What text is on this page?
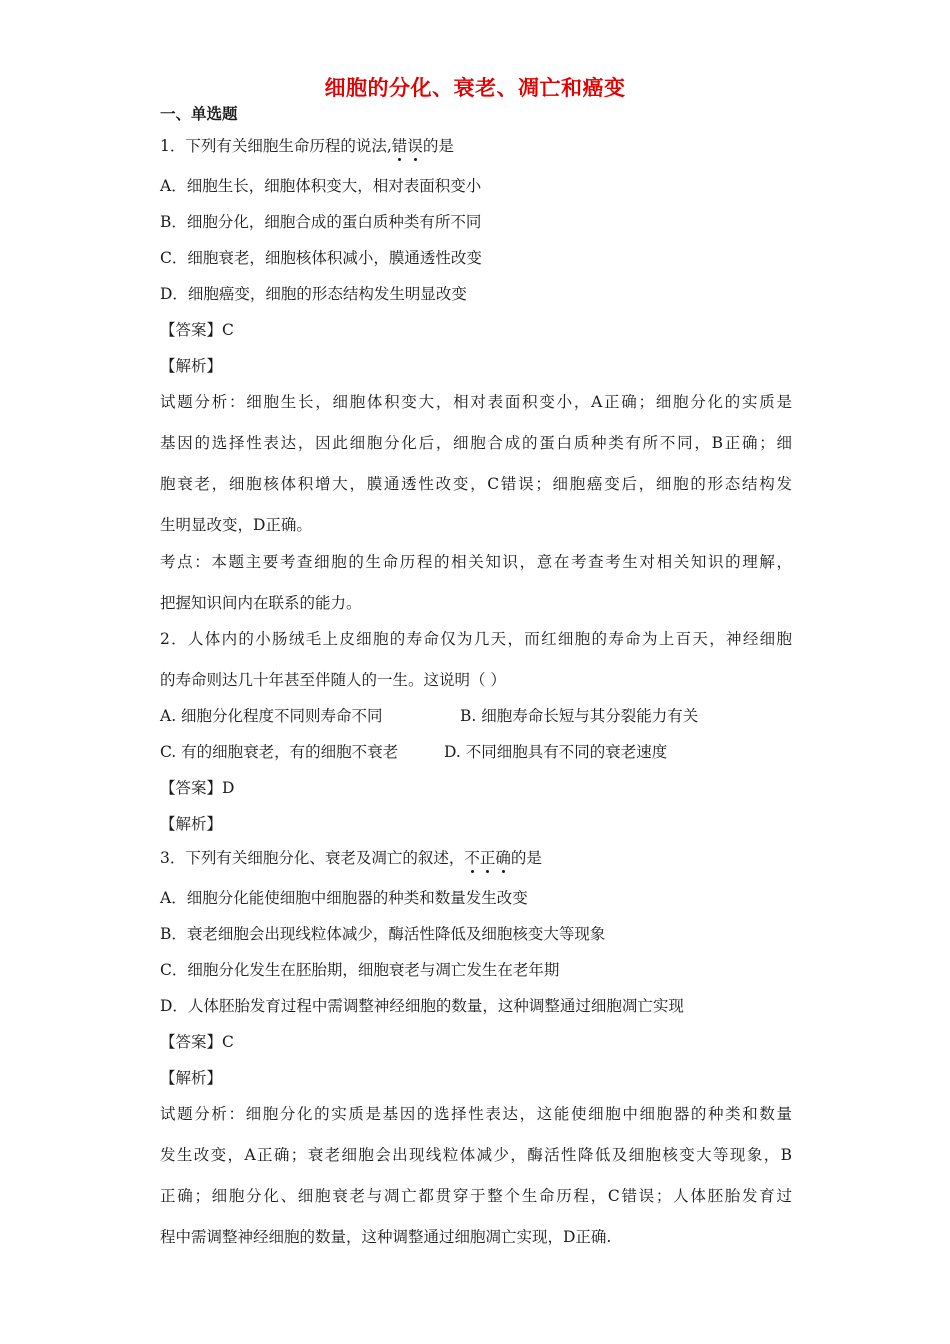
细胞的分化、衰老、凋亡和癌变
一、单选题
1．下列有关细胞生命历程的说法,错误的是
A．细胞生长，细胞体积变大，相对表面积变小
B．细胞分化，细胞合成的蛋白质种类有所不同
C．细胞衰老，细胞核体积减小，膜通透性改变
D．细胞癌变，细胞的形态结构发生明显改变
【答案】C
【解析】
试题分析：细胞生长，细胞体积变大，相对表面积变小，A正确；细胞分化的实质是
基因的选择性表达，因此细胞分化后，细胞合成的蛋白质种类有所不同，B正确；细
胞衰老，细胞核体积增大，膜通透性改变，C错误；细胞癌变后，细胞的形态结构发
生明显改变，D正确。
考点：本题主要考查细胞的生命历程的相关知识，意在考查考生对相关知识的理解，
把握知识间内在联系的能力。
2．人体内的小肠绒毛上皮细胞的寿命仅为几天，而红细胞的寿命为上百天，神经细胞
的寿命则达几十年甚至伴随人的一生。这说明（ ）
A. 细胞分化程度不同则寿命不同	B. 细胞寿命长短与其分裂能力有关
C. 有的细胞衰老，有的细胞不衰老	D. 不同细胞具有不同的衰老速度
【答案】D
【解析】
3．下列有关细胞分化、衰老及凋亡的叙述，不正确的是
A．细胞分化能使细胞中细胞器的种类和数量发生改变
B．衰老细胞会出现线粒体减少，酶活性降低及细胞核变大等现象
C．细胞分化发生在胚胎期，细胞衰老与凋亡发生在老年期
D．人体胚胎发育过程中需调整神经细胞的数量，这种调整通过细胞凋亡实现
【答案】C
【解析】
试题分析：细胞分化的实质是基因的选择性表达，这能使细胞中细胞器的种类和数量
发生改变，A正确；衰老细胞会出现线粒体减少，酶活性降低及细胞核变大等现象，B
正确；细胞分化、细胞衰老与凋亡都贯穿于整个生命历程，C错误；人体胚胎发育过
程中需调整神经细胞的数量，这种调整通过细胞凋亡实现，D正确.
